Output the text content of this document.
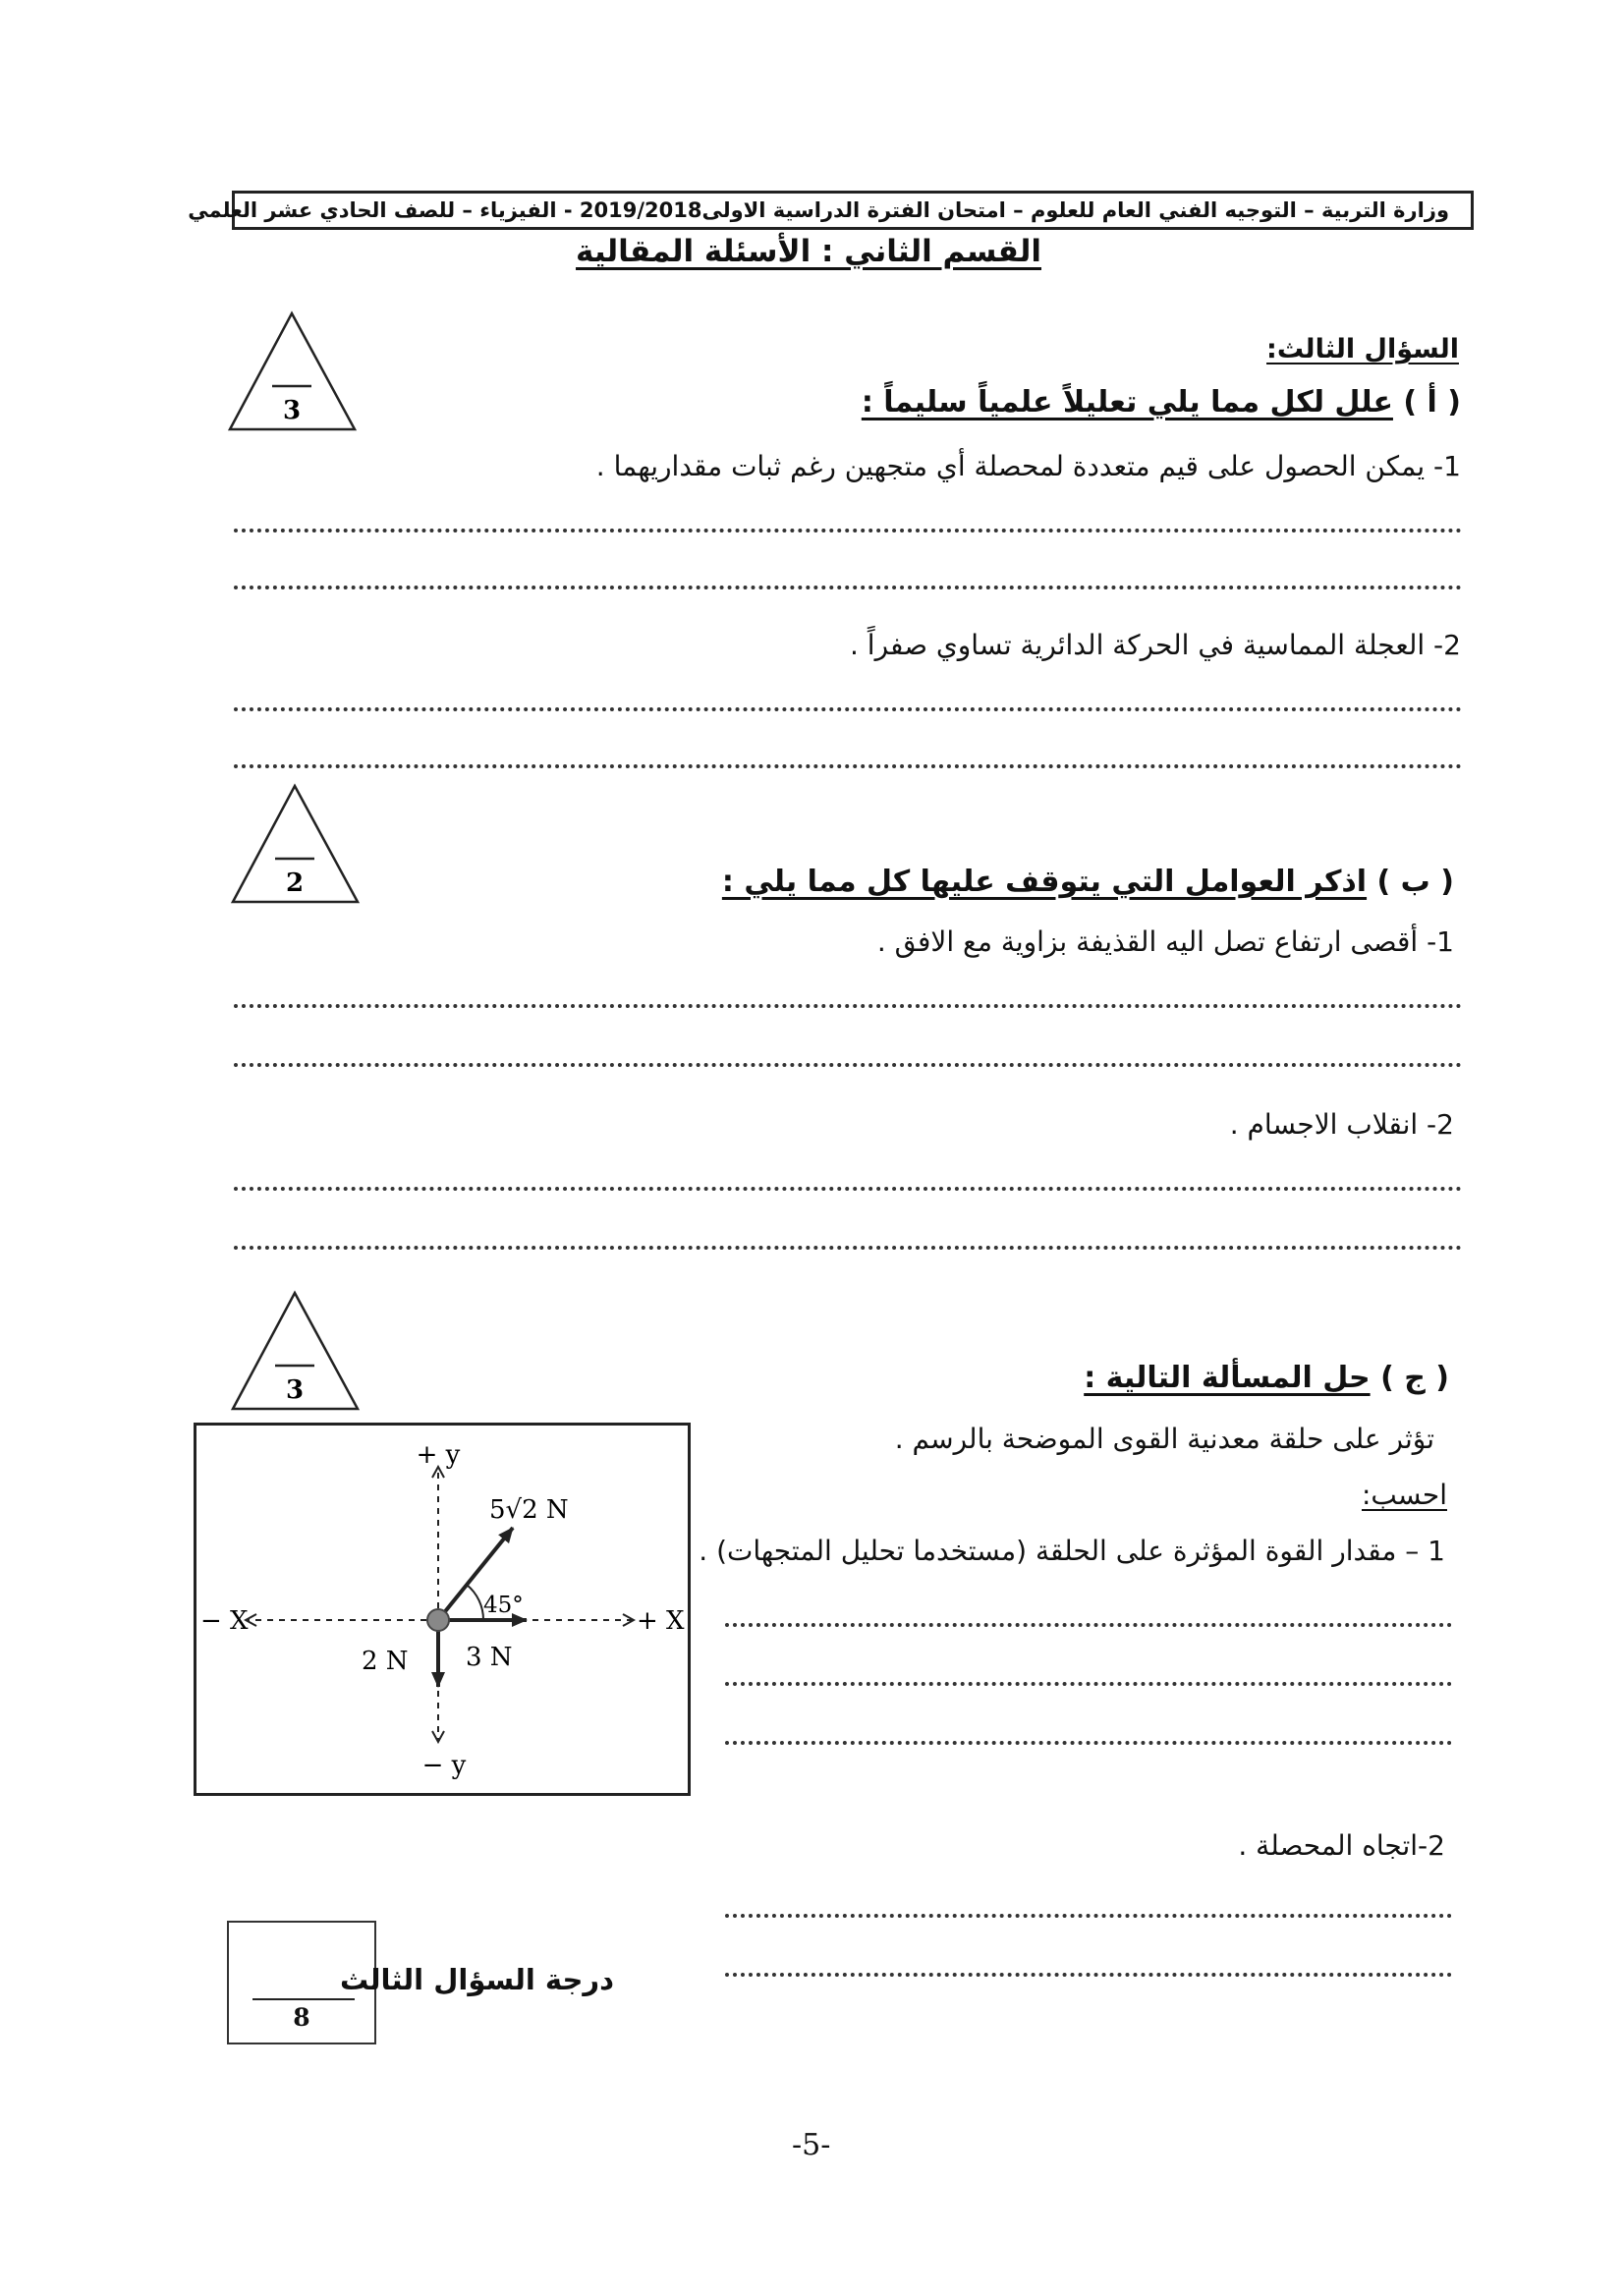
وزارة التربية – التوجيه الفني العام للعلوم – امتحان الفترة الدراسية الاولى2019/2018 - الفيزياء – للصف الحادي عشر العلمي
القسم الثاني : الأسئلة المقالية
السؤال الثالث:
3	( أ ) علل لكل مما يلي تعليلاً علمياً سليماً :
1- يمكن الحصول على قيم متعددة لمحصلة أي متجهين رغم ثبات مقداريهما .
2- العجلة المماسية في الحركة الدائرية تساوي صفراً .
2	( ب ) اذكر العوامل التي يتوقف عليها كل مما يلي :
1- أقصى ارتفاع تصل اليه القذيفة بزاوية مع الافق .
2- انقلاب الاجسام .
3	( ج ) حل المسألة التالية :
تؤثر على حلقة معدنية القوى الموضحة بالرسم .
احسب:
1 – مقدار القوة المؤثرة على الحلقة (مستخدما تحليل المتجهات) .
2-اتجاه المحصلة .
+ y
− y
+ X
− X
5√2 N
3 N
2 N
45°
8
درجة السؤال الثالث
-5-
